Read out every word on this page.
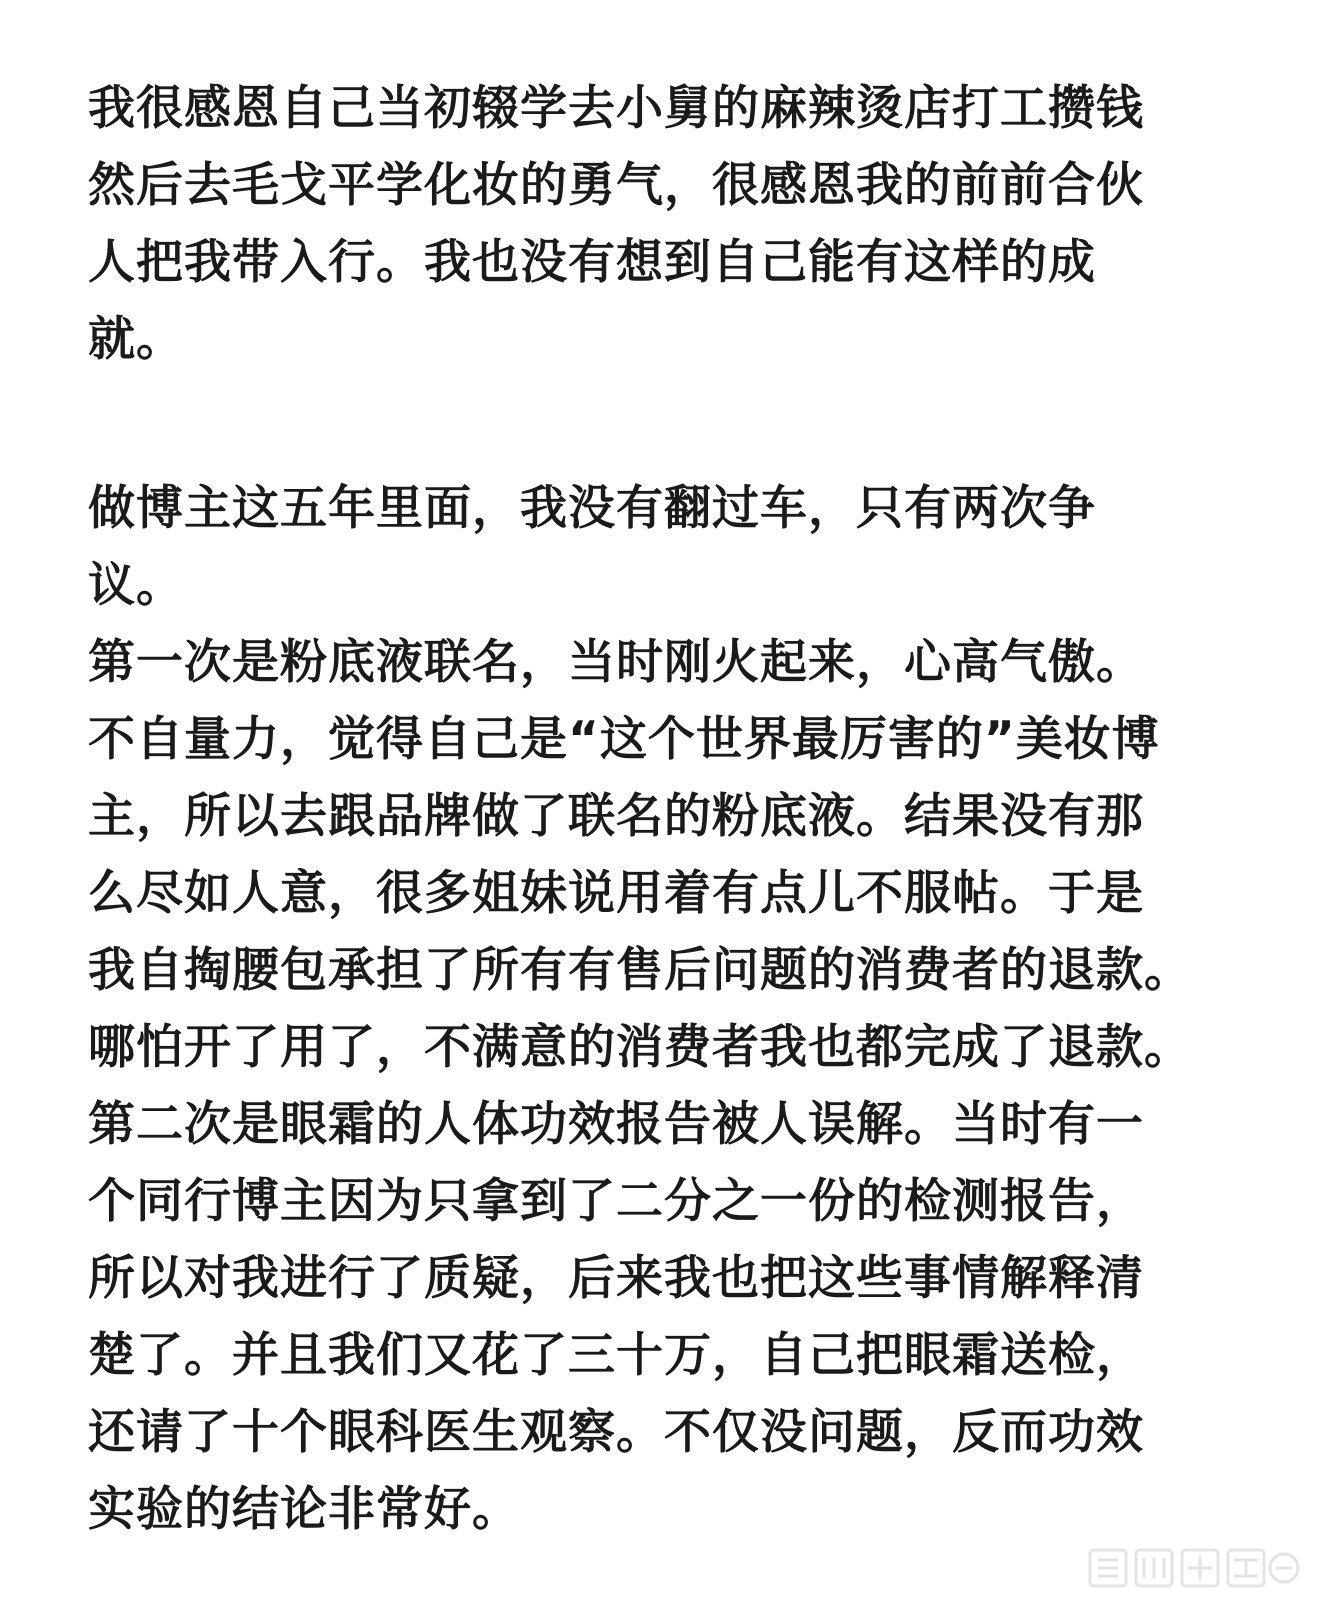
我很感恩自己当初辍学去小舅的麻辣烫店打工攒钱
然后去毛戈平学化妆的勇气，很感恩我的前前合伙
人把我带入行。我也没有想到自己能有这样的成
就。
做博主这五年里面，我没有翻过车，只有两次争
议。
第一次是粉底液联名，当时刚火起来，心高气傲。
不自量力，觉得自己是“这个世界最厉害的”美妆博
主，所以去跟品牌做了联名的粉底液。结果没有那
么尽如人意，很多姐妹说用着有点儿不服帖。于是
我自掏腰包承担了所有有售后问题的消费者的退款。
哪怕开了用了，不满意的消费者我也都完成了退款。
第二次是眼霜的人体功效报告被人误解。当时有一
个同行博主因为只拿到了二分之一份的检测报告，
所以对我进行了质疑，后来我也把这些事情解释清
楚了。并且我们又花了三十万，自己把眼霜送检，
还请了十个眼科医生观察。不仅没问题，反而功效
实验的结论非常好。
